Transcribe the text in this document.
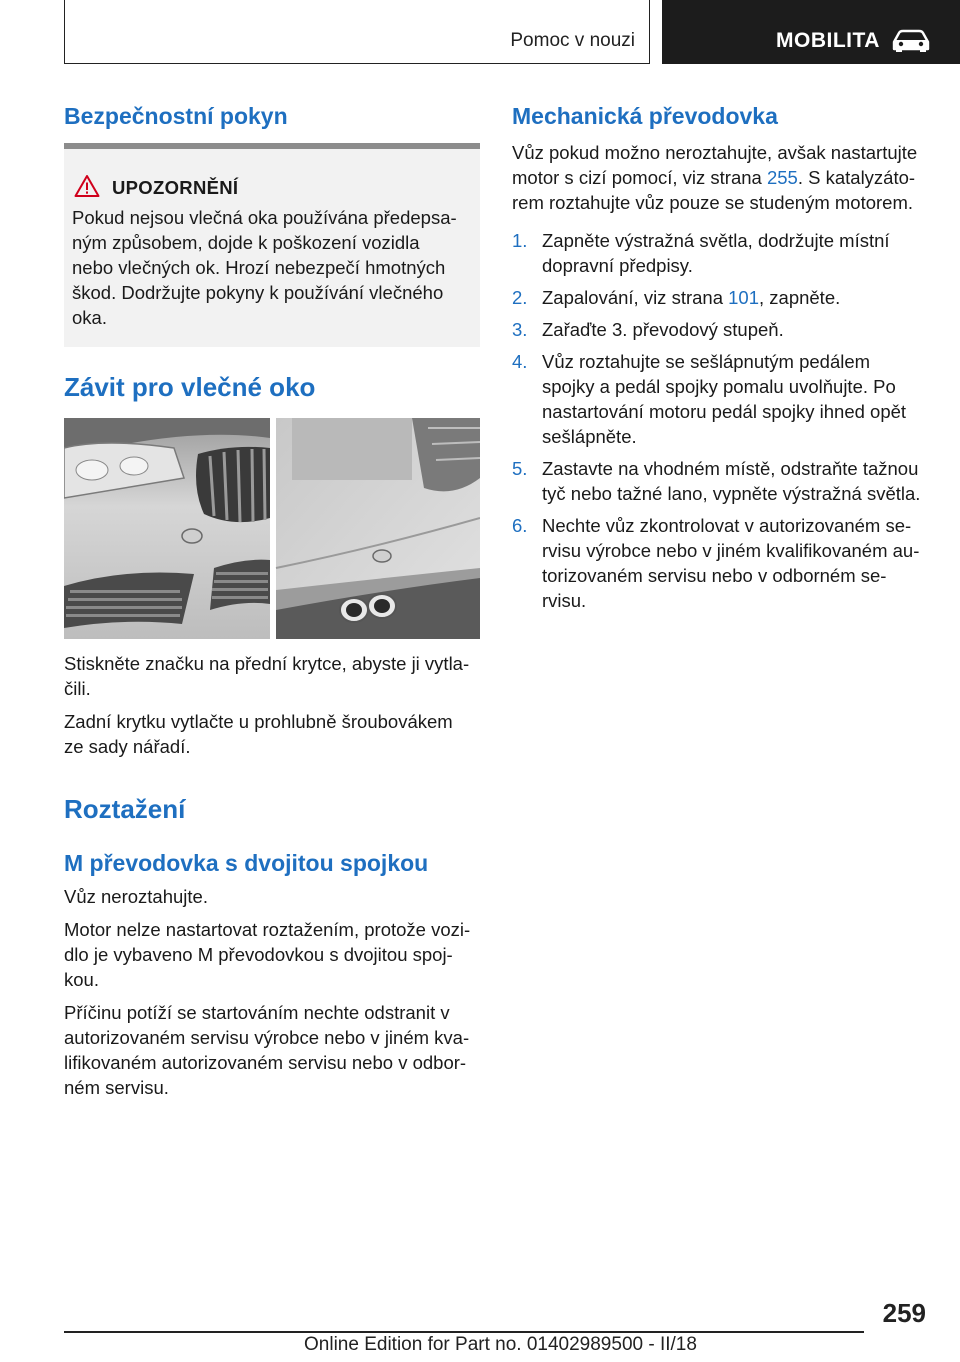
Pomoc v nouzi	MOBILITA
Bezpečnostní pokyn
UPOZORNĚNÍ

Pokud nejsou vlečná oka používána předepsa-

ným způsobem, dojde k poškození vozidla

nebo vlečných ok. Hrozí nebezpečí hmotných

škod. Dodržujte pokyny k používání vlečného

oka.

Závit pro vlečné oko

Stiskněte značku na přední krytce, abyste ji vytla-

čili.

Zadní krytku vytlačte u prohlubně šroubovákem

ze sady nářadí.

Roztažení
M převodovka s dvojitou spojkou

Vůz neroztahujte.

Motor nelze nastartovat roztažením, protože vozi-

dlo je vybaveno M převodovkou s dvojitou spoj-

kou.

Příčinu potíží se startováním nechte odstranit v

autorizovaném servisu výrobce nebo v jiném kva-

lifikovaném autorizovaném servisu nebo v odbor-

ném servisu.

Mechanická převodovka

Vůz pokud možno neroztahujte, avšak nastartujte

motor s cizí pomocí, viz strana 255. S katalyzáto-

rem roztahujte vůz pouze se studeným motorem.

1. Zapněte výstražná světla, dodržujte místní
dopravní předpisy.
2. Zapalování, viz strana 101, zapněte.
3. Zařaďte 3. převodový stupeň.
4. Vůz roztahujte se sešlápnutým pedálem
spojky a pedál spojky pomalu uvolňujte. Po
nastartování motoru pedál spojky ihned opět
sešlápněte.
5. Zastavte na vhodném místě, odstraňte tažnou
tyč nebo tažné lano, vypněte výstražná světla.
6. Nechte vůz zkontrolovat v autorizovaném se-
rvisu výrobce nebo v jiném kvalifikovaném au-
torizovaném servisu nebo v odborném se-
rvisu.
259
Online Edition for Part no. 01402989500 - II/18
